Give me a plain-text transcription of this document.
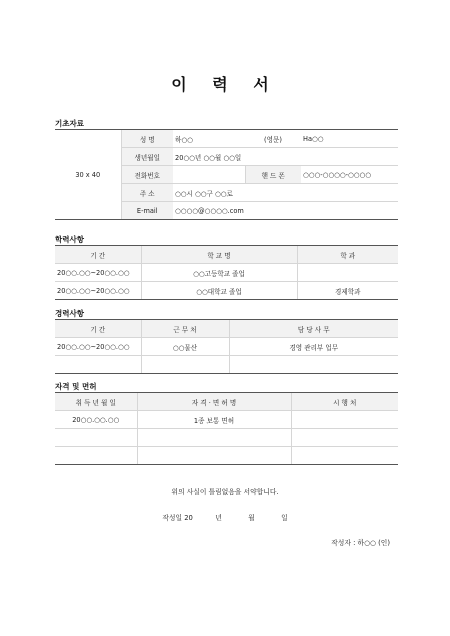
이 력 서
기초자료
30 x 40	성 명	하○○	(영문)	Ha○○
	생년월일	20○○년 ○○월 ○○일		
	전화번호		핸 드 폰	○○○-○○○○-○○○○
	주 소	○○시 ○○구 ○○로		
	E-mail	○○○○@○○○○.com		
학력사항
기 간	학 교 명	학 과
20○○.○○~20○○.○○	○○고등학교 졸업	
20○○.○○~20○○.○○	○○대학교 졸업	경제학과
경력사항
기 간	근 무 처	담 당 사 무
20○○.○○~20○○.○○	○○물산	경영 관리부 업무

자격 및 면허
취 득 년 월 일	자 격 · 면 허 명	시 행 처
20○○.○○.○○	1종 보통 면허	

위의 사실이 틀림없음을 서약합니다.
작성일 20	년	월	일
작성자 : 하○○ (인)
